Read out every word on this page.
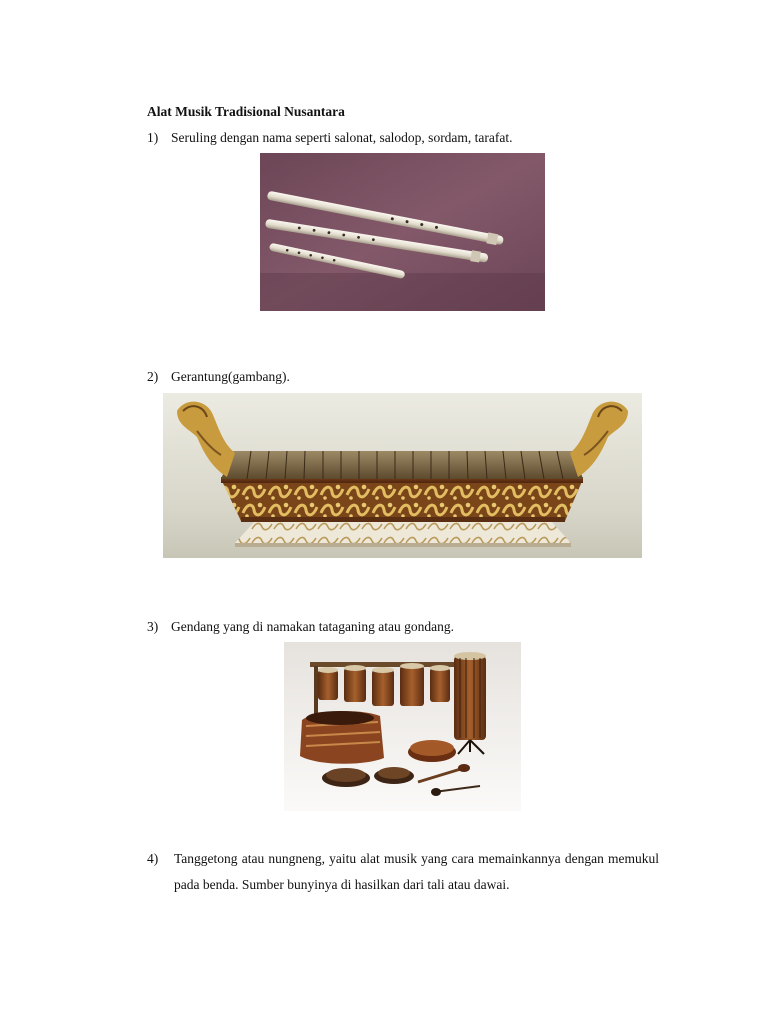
Alat Musik Tradisional Nusantara
1) Seruling dengan nama seperti salonat, salodop, sordam, tarafat.
2) Gerantung(gambang).
3) Gendang yang di namakan tataganing atau gondang.
4) Tanggetong atau nungneng, yaitu alat musik yang cara memainkannya dengan memukul pada benda. Sumber bunyinya di hasilkan dari tali atau dawai.
